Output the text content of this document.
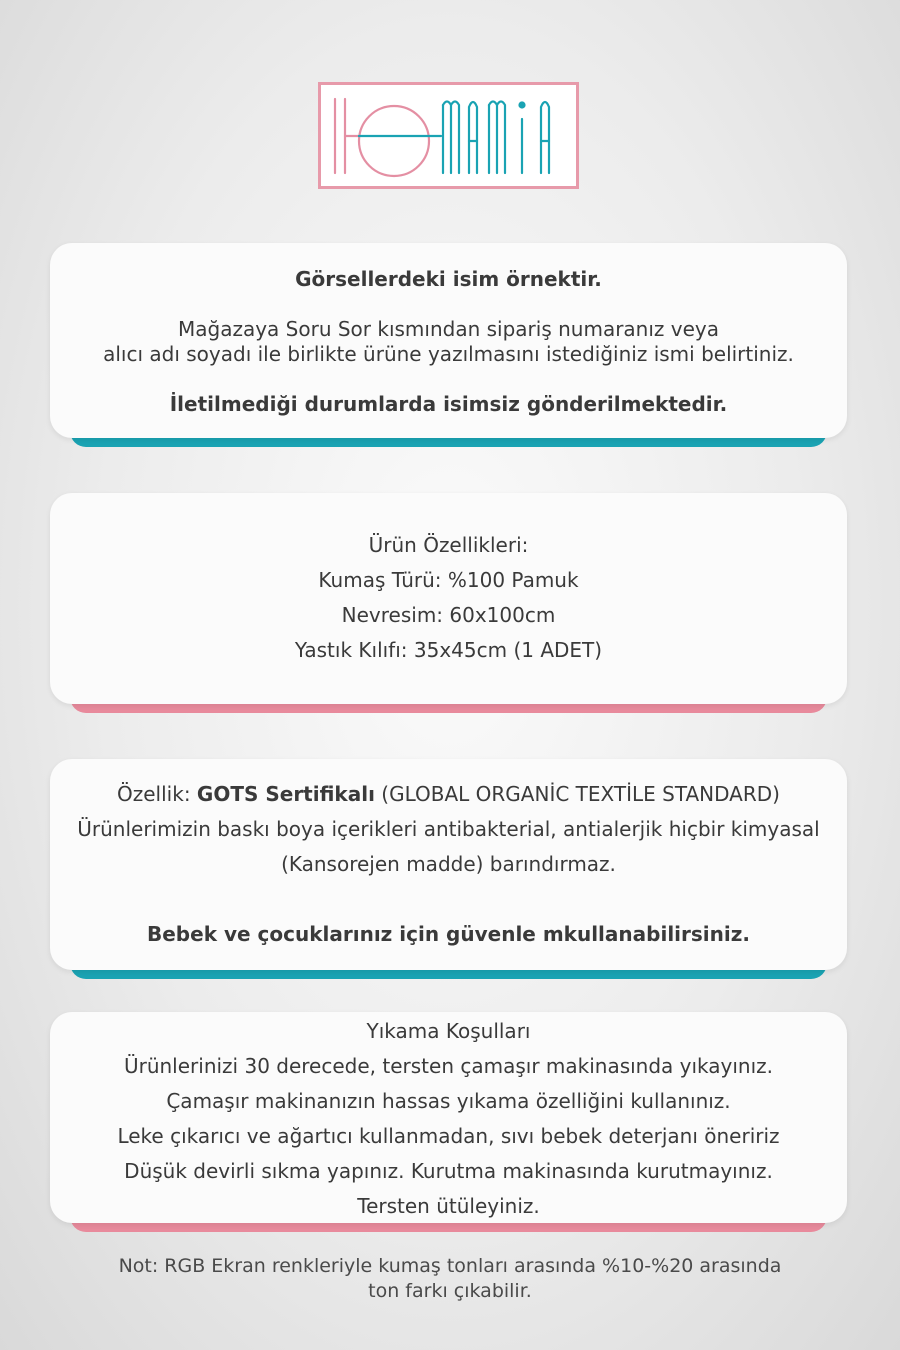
Görsellerdeki isim örnektir.
Mağazaya Soru Sor kısmından sipariş numaranız veya
alıcı adı soyadı ile birlikte ürüne yazılmasını istediğiniz ismi belirtiniz.
İletilmediği durumlarda isimsiz gönderilmektedir.
Ürün Özellikleri:
Kumaş Türü: %100 Pamuk
Nevresim: 60x100cm
Yastık Kılıfı: 35x45cm (1 ADET)
Özellik: GOTS Sertifikalı (GLOBAL ORGANİC TEXTİLE STANDARD)
Ürünlerimizin baskı boya içerikleri antibakterial, antialerjik hiçbir kimyasal
(Kansorejen madde) barındırmaz.

Bebek ve çocuklarınız için güvenle mkullanabilirsiniz.
Yıkama Koşulları
Ürünlerinizi 30 derecede, tersten çamaşır makinasında yıkayınız.
Çamaşır makinanızın hassas yıkama özelliğini kullanınız.
Leke çıkarıcı ve ağartıcı kullanmadan, sıvı bebek deterjanı öneririz
Düşük devirli sıkma yapınız. Kurutma makinasında kurutmayınız.
Tersten ütüleyiniz.
Not: RGB Ekran renkleriyle kumaş tonları arasında %10-%20 arasında
ton farkı çıkabilir.
